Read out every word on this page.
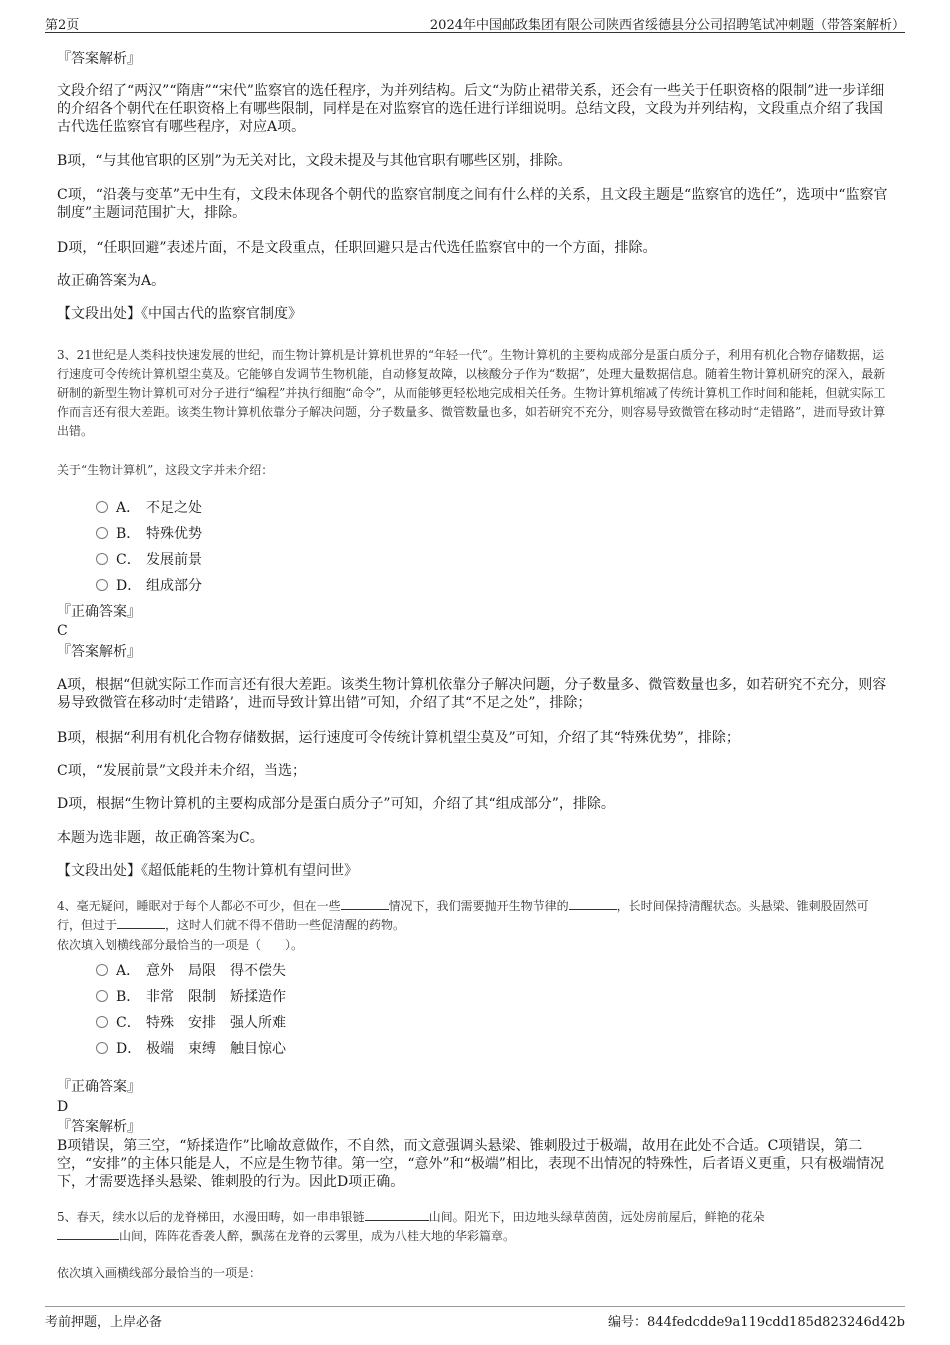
第2页	2024年中国邮政集团有限公司陕西省绥德县分公司招聘笔试冲刺题（带答案解析）
『答案解析』
文段介绍了“两汉”“隋唐”“宋代”监察官的选任程序，为并列结构。后文“为防止裙带关系，还会有一些关于任职资格的限制”进一步详细的介绍各个朝代在任职资格上有哪些限制，同样是在对监察官的选任进行详细说明。总结文段，文段为并列结构，文段重点介绍了我国古代选任监察官有哪些程序，对应A项。
B项，“与其他官职的区别”为无关对比，文段未提及与其他官职有哪些区别，排除。
C项，“沿袭与变革”无中生有，文段未体现各个朝代的监察官制度之间有什么样的关系，且文段主题是“监察官的选任”，选项中“监察官制度”主题词范围扩大，排除。
D项，“任职回避”表述片面，不是文段重点，任职回避只是古代选任监察官中的一个方面，排除。
故正确答案为A。
【文段出处】《中国古代的监察官制度》
3、21世纪是人类科技快速发展的世纪，而生物计算机是计算机世界的“年轻一代”。生物计算机的主要构成部分是蛋白质分子，利用有机化合物存储数据，运行速度可令传统计算机望尘莫及。它能够自发调节生物机能，自动修复故障，以核酸分子作为“数据”，处理大量数据信息。随着生物计算机研究的深入，最新研制的新型生物计算机可对分子进行“编程”并执行细胞“命令”，从而能够更轻松地完成相关任务。生物计算机缩减了传统计算机工作时间和能耗，但就实际工作而言还有很大差距。该类生物计算机依靠分子解决问题，分子数量多、微管数量也多，如若研究不充分，则容易导致微管在移动时“走错路”，进而导致计算出错。
关于“生物计算机”，这段文字并未介绍：
A． 不足之处
B． 特殊优势
C． 发展前景
D． 组成部分
『正确答案』
C
『答案解析』
A项，根据“但就实际工作而言还有很大差距。该类生物计算机依靠分子解决问题，分子数量多、微管数量也多，如若研究不充分，则容易导致微管在移动时‘走错路’，进而导致计算出错”可知，介绍了其“不足之处”，排除；
B项，根据“利用有机化合物存储数据，运行速度可令传统计算机望尘莫及”可知，介绍了其“特殊优势”，排除；
C项，“发展前景”文段并未介绍，当选；
D项，根据“生物计算机的主要构成部分是蛋白质分子”可知，介绍了其“组成部分”，排除。
本题为选非题，故正确答案为C。
【文段出处】《超低能耗的生物计算机有望问世》
4、毫无疑问，睡眠对于每个人都必不可少，但在一些	情况下，我们需要抛开生物节律的	，长时间保持清醒状态。头悬梁、锥刺股固然可行，但过于	，这时人们就不得不借助一些促清醒的药物。
依次填入划横线部分最恰当的一项是（　　）。
A． 意外 局限 得不偿失
B． 非常 限制 矫揉造作
C． 特殊 安排 强人所难
D． 极端 束缚 触目惊心
『正确答案』
D
『答案解析』
B项错误，第三空，“矫揉造作”比喻故意做作，不自然，而文意强调头悬梁、锥刺股过于极端，故用在此处不合适。C项错误，第二空，“安排”的主体只能是人，不应是生物节律。第一空，“意外”和“极端”相比，表现不出情况的特殊性，后者语义更重，只有极端情况下，才需要选择头悬梁、锥刺股的行为。因此D项正确。
5、春天，续水以后的龙脊梯田，水漫田畴，如一串串银链	山间。阳光下，田边地头绿草茵茵，远处房前屋后，鲜艳的花朵
山间，阵阵花香袭人醉，飘荡在龙脊的云雾里，成为八桂大地的华彩篇章。
依次填入画横线部分最恰当的一项是：
考前押题，上岸必备	编号：844fedcdde9a119cdd185d823246d42b
